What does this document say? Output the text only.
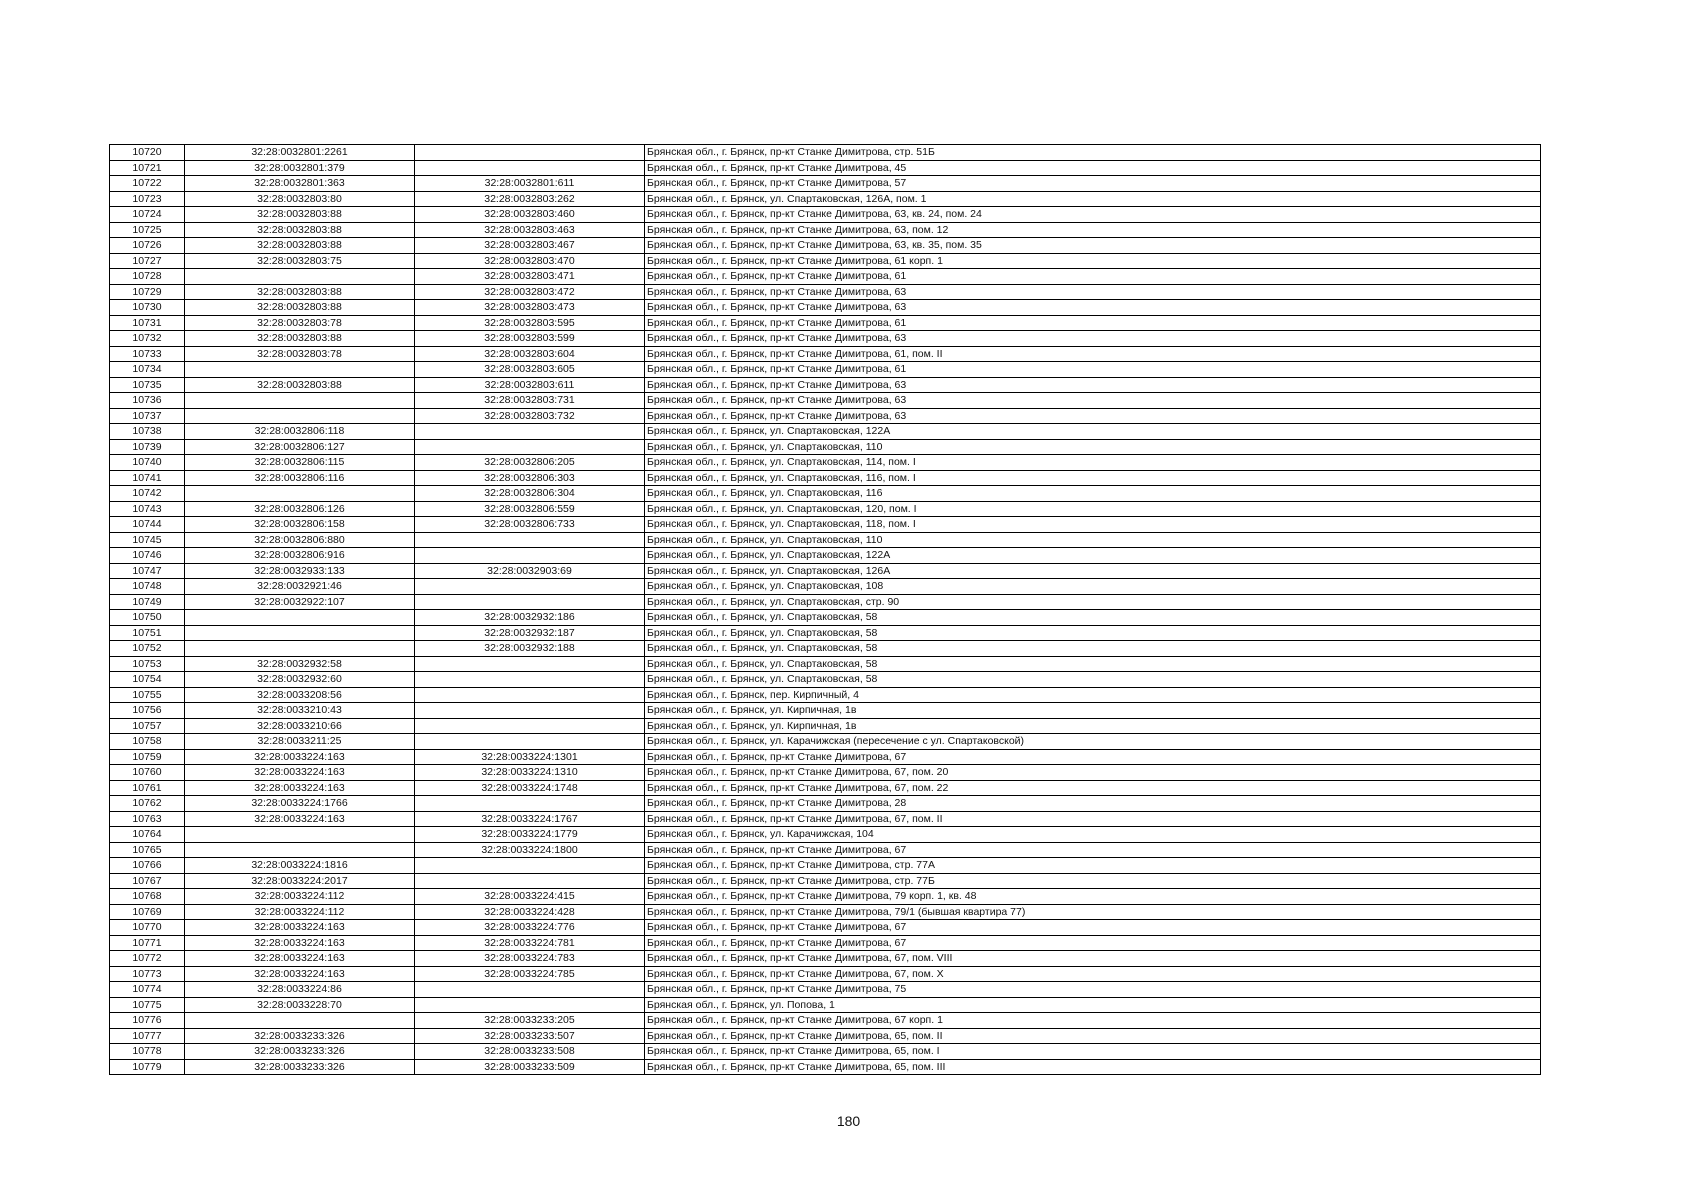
10720	32:28:0032801:2261		Брянская обл., г. Брянск, пр-кт Станке Димитрова, стр. 51Б
10721	32:28:0032801:379		Брянская обл., г. Брянск, пр-кт Станке Димитрова, 45
10722	32:28:0032801:363	32:28:0032801:611	Брянская обл., г. Брянск, пр-кт Станке Димитрова, 57
10723	32:28:0032803:80	32:28:0032803:262	Брянская обл., г. Брянск, ул. Спартаковская, 126А, пом. 1
10724	32:28:0032803:88	32:28:0032803:460	Брянская обл., г. Брянск, пр-кт Станке Димитрова, 63, кв. 24, пом. 24
10725	32:28:0032803:88	32:28:0032803:463	Брянская обл., г. Брянск, пр-кт Станке Димитрова, 63, пом. 12
10726	32:28:0032803:88	32:28:0032803:467	Брянская обл., г. Брянск, пр-кт Станке Димитрова, 63, кв. 35, пом. 35
10727	32:28:0032803:75	32:28:0032803:470	Брянская обл., г. Брянск, пр-кт Станке Димитрова, 61 корп. 1
10728		32:28:0032803:471	Брянская обл., г. Брянск, пр-кт Станке Димитрова, 61
10729	32:28:0032803:88	32:28:0032803:472	Брянская обл., г. Брянск, пр-кт Станке Димитрова, 63
10730	32:28:0032803:88	32:28:0032803:473	Брянская обл., г. Брянск, пр-кт Станке Димитрова, 63
10731	32:28:0032803:78	32:28:0032803:595	Брянская обл., г. Брянск, пр-кт Станке Димитрова, 61
10732	32:28:0032803:88	32:28:0032803:599	Брянская обл., г. Брянск, пр-кт Станке Димитрова, 63
10733	32:28:0032803:78	32:28:0032803:604	Брянская обл., г. Брянск, пр-кт Станке Димитрова, 61, пом. II
10734		32:28:0032803:605	Брянская обл., г. Брянск, пр-кт Станке Димитрова, 61
10735	32:28:0032803:88	32:28:0032803:611	Брянская обл., г. Брянск, пр-кт Станке Димитрова, 63
10736		32:28:0032803:731	Брянская обл., г. Брянск, пр-кт Станке Димитрова, 63
10737		32:28:0032803:732	Брянская обл., г. Брянск, пр-кт Станке Димитрова, 63
10738	32:28:0032806:118		Брянская обл., г. Брянск, ул. Спартаковская, 122А
10739	32:28:0032806:127		Брянская обл., г. Брянск, ул. Спартаковская, 110
10740	32:28:0032806:115	32:28:0032806:205	Брянская обл., г. Брянск, ул. Спартаковская, 114, пом. I
10741	32:28:0032806:116	32:28:0032806:303	Брянская обл., г. Брянск, ул. Спартаковская, 116, пом. I
10742		32:28:0032806:304	Брянская обл., г. Брянск, ул. Спартаковская, 116
10743	32:28:0032806:126	32:28:0032806:559	Брянская обл., г. Брянск, ул. Спартаковская, 120, пом. I
10744	32:28:0032806:158	32:28:0032806:733	Брянская обл., г. Брянск, ул. Спартаковская, 118, пом. I
10745	32:28:0032806:880		Брянская обл., г. Брянск, ул. Спартаковская, 110
10746	32:28:0032806:916		Брянская обл., г. Брянск, ул. Спартаковская, 122А
10747	32:28:0032933:133	32:28:0032903:69	Брянская обл., г. Брянск, ул. Спартаковская, 126А
10748	32:28:0032921:46		Брянская обл., г. Брянск, ул. Спартаковская, 108
10749	32:28:0032922:107		Брянская обл., г. Брянск, ул. Спартаковская, стр. 90
10750		32:28:0032932:186	Брянская обл., г. Брянск, ул. Спартаковская, 58
10751		32:28:0032932:187	Брянская обл., г. Брянск, ул. Спартаковская, 58
10752		32:28:0032932:188	Брянская обл., г. Брянск, ул. Спартаковская, 58
10753	32:28:0032932:58		Брянская обл., г. Брянск, ул. Спартаковская, 58
10754	32:28:0032932:60		Брянская обл., г. Брянск, ул. Спартаковская, 58
10755	32:28:0033208:56		Брянская обл., г. Брянск, пер. Кирпичный, 4
10756	32:28:0033210:43		Брянская обл., г. Брянск, ул. Кирпичная, 1в
10757	32:28:0033210:66		Брянская обл., г. Брянск, ул. Кирпичная, 1в
10758	32:28:0033211:25		Брянская обл., г. Брянск, ул. Карачижская (пересечение с ул. Спартаковской)
10759	32:28:0033224:163	32:28:0033224:1301	Брянская обл., г. Брянск, пр-кт Станке Димитрова, 67
10760	32:28:0033224:163	32:28:0033224:1310	Брянская обл., г. Брянск, пр-кт Станке Димитрова, 67, пом. 20
10761	32:28:0033224:163	32:28:0033224:1748	Брянская обл., г. Брянск, пр-кт Станке Димитрова, 67, пом. 22
10762	32:28:0033224:1766		Брянская обл., г. Брянск, пр-кт Станке Димитрова, 28
10763	32:28:0033224:163	32:28:0033224:1767	Брянская обл., г. Брянск, пр-кт Станке Димитрова, 67, пом. II
10764		32:28:0033224:1779	Брянская обл., г. Брянск, ул. Карачижская, 104
10765		32:28:0033224:1800	Брянская обл., г. Брянск, пр-кт Станке Димитрова, 67
10766	32:28:0033224:1816		Брянская обл., г. Брянск, пр-кт Станке Димитрова, стр. 77А
10767	32:28:0033224:2017		Брянская обл., г. Брянск, пр-кт Станке Димитрова, стр. 77Б
10768	32:28:0033224:112	32:28:0033224:415	Брянская обл., г. Брянск, пр-кт Станке Димитрова, 79 корп. 1, кв. 48
10769	32:28:0033224:112	32:28:0033224:428	Брянская обл., г. Брянск, пр-кт Станке Димитрова, 79/1 (бывшая квартира 77)
10770	32:28:0033224:163	32:28:0033224:776	Брянская обл., г. Брянск, пр-кт Станке Димитрова, 67
10771	32:28:0033224:163	32:28:0033224:781	Брянская обл., г. Брянск, пр-кт Станке Димитрова, 67
10772	32:28:0033224:163	32:28:0033224:783	Брянская обл., г. Брянск, пр-кт Станке Димитрова, 67, пом. VIII
10773	32:28:0033224:163	32:28:0033224:785	Брянская обл., г. Брянск, пр-кт Станке Димитрова, 67, пом. X
10774	32:28:0033224:86		Брянская обл., г. Брянск, пр-кт Станке Димитрова, 75
10775	32:28:0033228:70		Брянская обл., г. Брянск, ул. Попова, 1
10776		32:28:0033233:205	Брянская обл., г. Брянск, пр-кт Станке Димитрова, 67 корп. 1
10777	32:28:0033233:326	32:28:0033233:507	Брянская обл., г. Брянск, пр-кт Станке Димитрова, 65, пом. II
10778	32:28:0033233:326	32:28:0033233:508	Брянская обл., г. Брянск, пр-кт Станке Димитрова, 65, пом. I
10779	32:28:0033233:326	32:28:0033233:509	Брянская обл., г. Брянск, пр-кт Станке Димитрова, 65, пом. III
180
